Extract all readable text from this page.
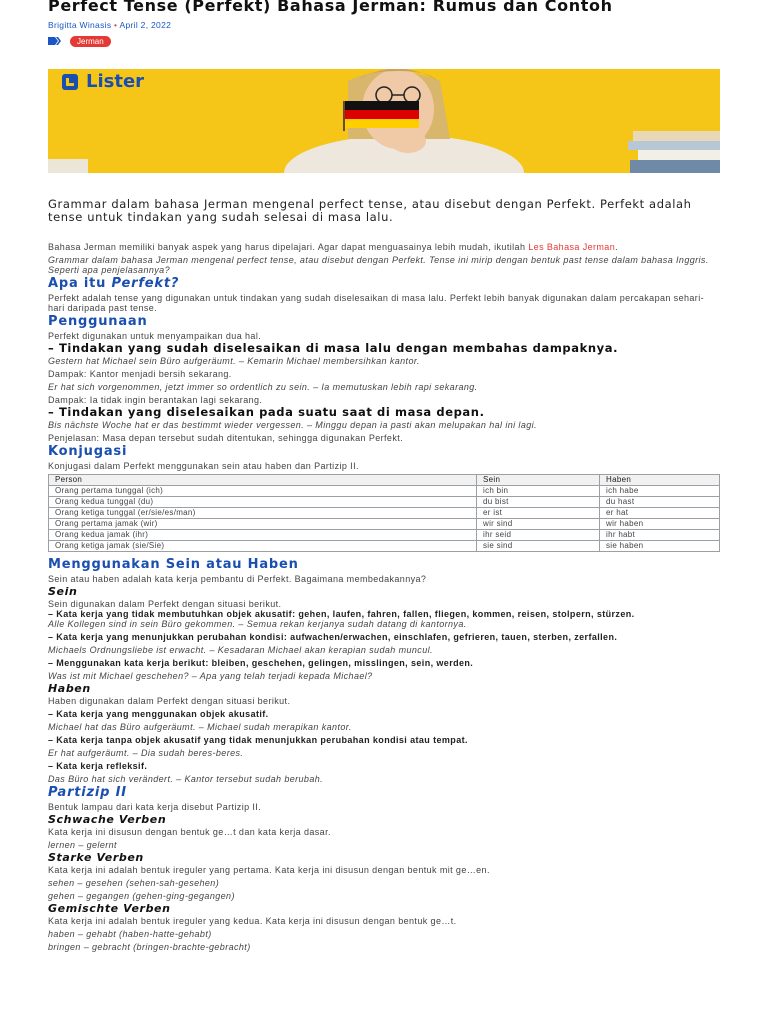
Perfect Tense (Perfekt) Bahasa Jerman: Rumus dan Contoh
Brigitta Winasis • April 2, 2022
Jerman
Lister

Grammar dalam bahasa Jerman mengenal perfect tense, atau disebut dengan Perfekt. Perfekt adalah tense untuk tindakan yang sudah selesai di masa lalu.

Bahasa Jerman memiliki banyak aspek yang harus dipelajari. Agar dapat menguasainya lebih mudah, ikutilah Les Bahasa Jerman.

Grammar dalam bahasa Jerman mengenal perfect tense, atau disebut dengan Perfekt. Tense ini mirip dengan bentuk past tense dalam bahasa Inggris. Seperti apa penjelasannya?

Apa itu Perfekt?

Perfekt adalah tense yang digunakan untuk tindakan yang sudah diselesaikan di masa lalu. Perfekt lebih banyak digunakan dalam percakapan sehari-hari daripada past tense.

Penggunaan

Perfekt digunakan untuk menyampaikan dua hal.

– Tindakan yang sudah diselesaikan di masa lalu dengan membahas dampaknya.

Gestern hat Michael sein Büro aufgeräumt. – Kemarin Michael membersihkan kantor.

Dampak: Kantor menjadi bersih sekarang.

Er hat sich vorgenommen, jetzt immer so ordentlich zu sein. – Ia memutuskan lebih rapi sekarang.

Dampak: Ia tidak ingin berantakan lagi sekarang.

– Tindakan yang diselesaikan pada suatu saat di masa depan.

Bis nächste Woche hat er das bestimmt wieder vergessen. – Minggu depan ia pasti akan melupakan hal ini lagi.

Penjelasan: Masa depan tersebut sudah ditentukan, sehingga digunakan Perfekt.

Konjugasi

Konjugasi dalam Perfekt menggunakan sein atau haben dan Partizip II.

Person	Sein	Haben
Orang pertama tunggal (ich)	ich bin	ich habe
Orang kedua tunggal (du)	du bist	du hast
Orang ketiga tunggal (er/sie/es/man)	er ist	er hat
Orang pertama jamak (wir)	wir sind	wir haben
Orang kedua jamak (ihr)	ihr seid	ihr habt
Orang ketiga jamak (sie/Sie)	sie sind	sie haben
Menggunakan Sein atau Haben

Sein atau haben adalah kata kerja pembantu di Perfekt. Bagaimana membedakannya?

Sein

Sein digunakan dalam Perfekt dengan situasi berikut.

– Kata kerja yang tidak membutuhkan objek akusatif: gehen, laufen, fahren, fallen, fliegen, kommen, reisen, stolpern, stürzen.

Alle Kollegen sind in sein Büro gekommen. – Semua rekan kerjanya sudah datang di kantornya.

– Kata kerja yang menunjukkan perubahan kondisi: aufwachen/erwachen, einschlafen, gefrieren, tauen, sterben, zerfallen.

Michaels Ordnungsliebe ist erwacht. – Kesadaran Michael akan kerapian sudah muncul.

– Menggunakan kata kerja berikut: bleiben, geschehen, gelingen, misslingen, sein, werden.

Was ist mit Michael geschehen? – Apa yang telah terjadi kepada Michael?

Haben

Haben digunakan dalam Perfekt dengan situasi berikut.

– Kata kerja yang menggunakan objek akusatif.

Michael hat das Büro aufgeräumt. – Michael sudah merapikan kantor.

– Kata kerja tanpa objek akusatif yang tidak menunjukkan perubahan kondisi atau tempat.

Er hat aufgeräumt. – Dia sudah beres-beres.

– Kata kerja refleksif.

Das Büro hat sich verändert. – Kantor tersebut sudah berubah.

Partizip II

Bentuk lampau dari kata kerja disebut Partizip II.

Schwache Verben

Kata kerja ini disusun dengan bentuk ge…t dan kata kerja dasar.

lernen – gelernt

Starke Verben

Kata kerja ini adalah bentuk ireguler yang pertama. Kata kerja ini disusun dengan bentuk mit ge…en.

sehen – gesehen (sehen-sah-gesehen)

gehen – gegangen (gehen-ging-gegangen)

Gemischte Verben

Kata kerja ini adalah bentuk ireguler yang kedua. Kata kerja ini disusun dengan bentuk ge…t.

haben – gehabt (haben-hatte-gehabt)

bringen – gebracht (bringen-brachte-gebracht)
